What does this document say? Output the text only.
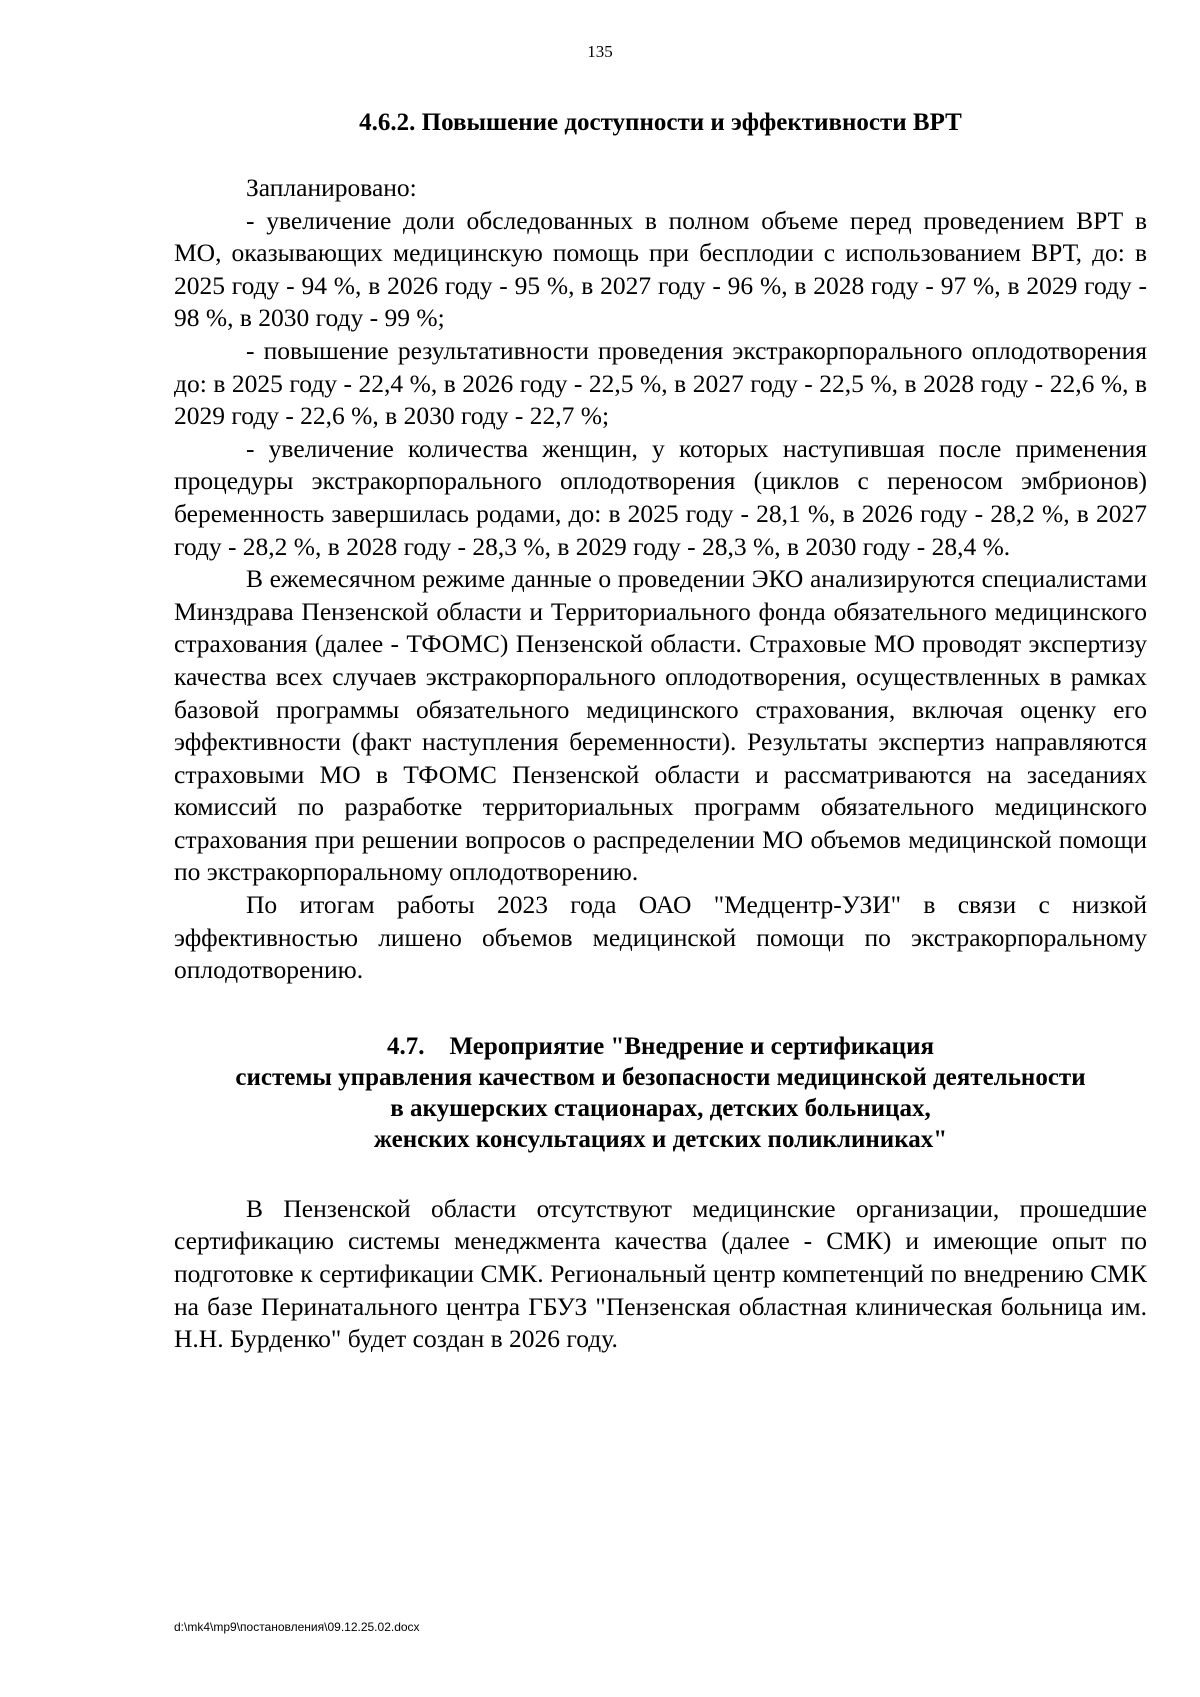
135
4.6.2. Повышение доступности и эффективности ВРТ

Запланировано:

- увеличение доли обследованных в полном объеме перед проведением ВРТ в МО, оказывающих медицинскую помощь при бесплодии с использованием ВРТ, до: в 2025 году - 94 %, в 2026 году - 95 %, в 2027 году - 96 %, в 2028 году - 97 %, в 2029 году - 98 %, в 2030 году - 99 %;

- повышение результативности проведения экстракорпорального оплодотворения до: в 2025 году - 22,4 %, в 2026 году - 22,5 %, в 2027 году - 22,5 %, в 2028 году - 22,6 %, в 2029 году - 22,6 %, в 2030 году - 22,7 %;

- увеличение количества женщин, у которых наступившая после применения процедуры экстракорпорального оплодотворения (циклов с переносом эмбрионов) беременность завершилась родами, до: в 2025 году - 28,1 %, в 2026 году - 28,2 %, в 2027 году - 28,2 %, в 2028 году - 28,3 %, в 2029 году - 28,3 %, в 2030 году - 28,4 %.

В ежемесячном режиме данные о проведении ЭКО анализируются специалистами Минздрава Пензенской области и Территориального фонда обязательного медицинского страхования (далее - ТФОМС) Пензенской области. Страховые МО проводят экспертизу качества всех случаев экстракорпорального оплодотворения, осуществленных в рамках базовой программы обязательного медицинского страхования, включая оценку его эффективности (факт наступления беременности). Результаты экспертиз направляются страховыми МО в ТФОМС Пензенской области и рассматриваются на заседаниях комиссий по разработке территориальных программ обязательного медицинского страхования при решении вопросов о распределении МО объемов медицинской помощи по экстракорпоральному оплодотворению.

По итогам работы 2023 года ОАО "Медцентр-УЗИ" в связи с низкой эффективностью лишено объемов медицинской помощи по экстракорпоральному оплодотворению.

4.7.    Мероприятие "Внедрение и сертификация
системы управления качеством и безопасности медицинской деятельности
в акушерских стационарах, детских больницах,
женских консультациях и детских поликлиниках"

В Пензенской области отсутствуют медицинские организации, прошедшие сертификацию системы менеджмента качества (далее - СМК) и имеющие опыт по подготовке к сертификации СМК. Региональный центр компетенций по внедрению СМК на базе Перинатального центра ГБУЗ "Пензенская областная клиническая больница им. Н.Н. Бурденко" будет создан в 2026 году.

d:\mk4\mp9\постановления\09.12.25.02.docx
